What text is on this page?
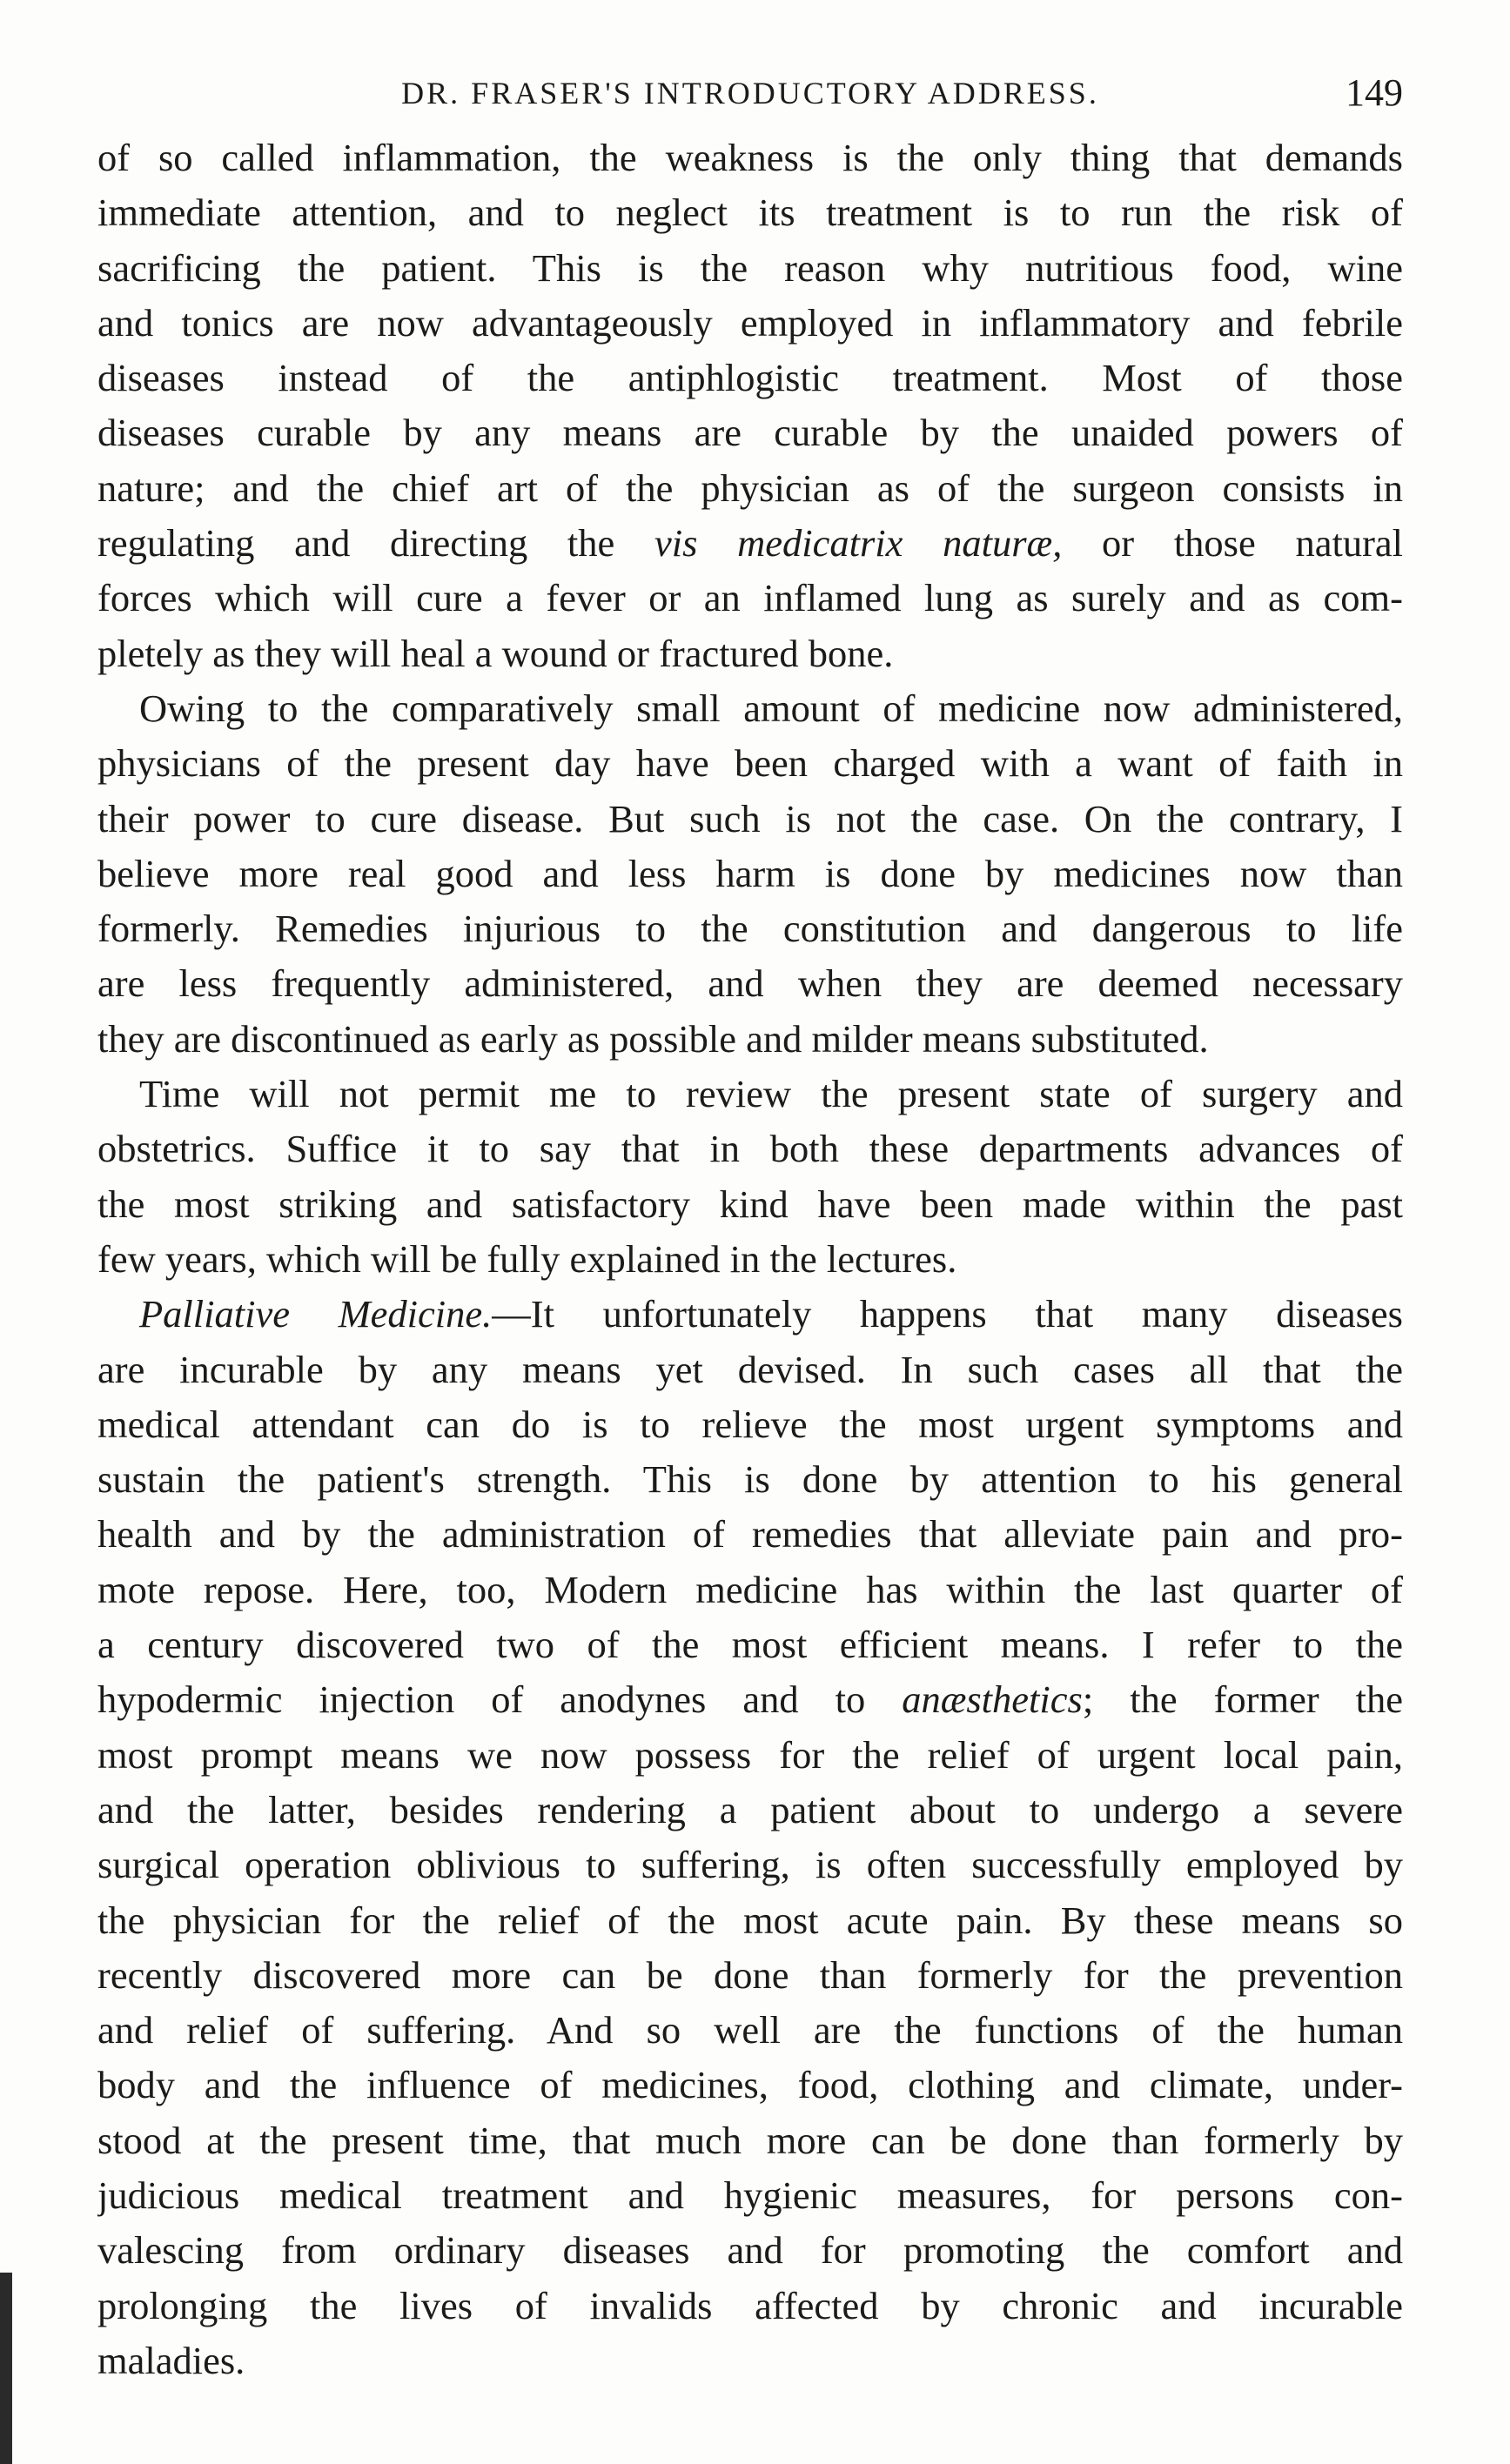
DR. FRASER'S INTRODUCTORY ADDRESS.	149
of so called inflammation, the weakness is the only thing that demands
immediate attention, and to neglect its treatment is to run the risk of
sacrificing the patient. This is the reason why nutritious food, wine
and tonics are now advantageously employed in inflammatory and febrile
diseases instead of the antiphlogistic treatment. Most of those
diseases curable by any means are curable by the unaided powers of
nature; and the chief art of the physician as of the surgeon consists in
regulating and directing the vis medicatrix naturæ, or those natural
forces which will cure a fever or an inflamed lung as surely and as com-
pletely as they will heal a wound or fractured bone.
Owing to the comparatively small amount of medicine now administered,
physicians of the present day have been charged with a want of faith in
their power to cure disease. But such is not the case. On the contrary, I
believe more real good and less harm is done by medicines now than
formerly. Remedies injurious to the constitution and dangerous to life
are less frequently administered, and when they are deemed necessary
they are discontinued as early as possible and milder means substituted.
Time will not permit me to review the present state of surgery and
obstetrics. Suffice it to say that in both these departments advances of
the most striking and satisfactory kind have been made within the past
few years, which will be fully explained in the lectures.
Palliative Medicine.—It unfortunately happens that many diseases
are incurable by any means yet devised. In such cases all that the
medical attendant can do is to relieve the most urgent symptoms and
sustain the patient's strength. This is done by attention to his general
health and by the administration of remedies that alleviate pain and pro-
mote repose. Here, too, Modern medicine has within the last quarter of
a century discovered two of the most efficient means. I refer to the
hypodermic injection of anodynes and to anæsthetics; the former the
most prompt means we now possess for the relief of urgent local pain,
and the latter, besides rendering a patient about to undergo a severe
surgical operation oblivious to suffering, is often successfully employed by
the physician for the relief of the most acute pain. By these means so
recently discovered more can be done than formerly for the prevention
and relief of suffering. And so well are the functions of the human
body and the influence of medicines, food, clothing and climate, under-
stood at the present time, that much more can be done than formerly by
judicious medical treatment and hygienic measures, for persons con-
valescing from ordinary diseases and for promoting the comfort and
prolonging the lives of invalids affected by chronic and incurable
maladies.
